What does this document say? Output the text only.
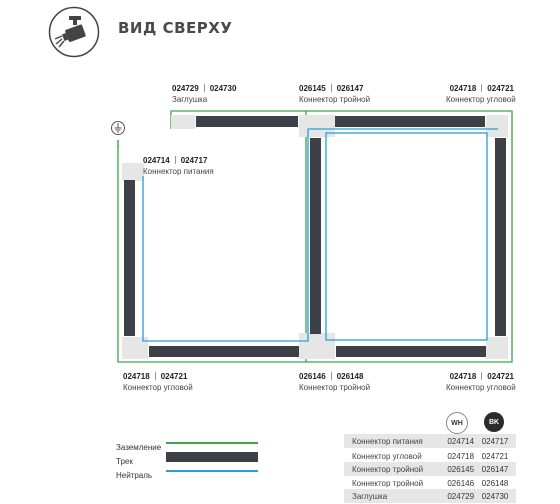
ВИД СВЕРХУ
024729 024730
Заглушка
026145 026147
Коннектор тройной
024718 024721
Коннектор угловой
024714 024717
Коннектор питания
024718 024721
Коннектор угловой
026146 026148
Коннектор тройной
024718 024721
Коннектор угловой
Заземление
Трек
Нейтраль
WH	BK
Коннектор питания	024714 024717
Коннектор угловой	024718 024721
Коннектор тройной	026145 026147
Коннектор тройной	026146 026148
Заглушка	024729 024730
